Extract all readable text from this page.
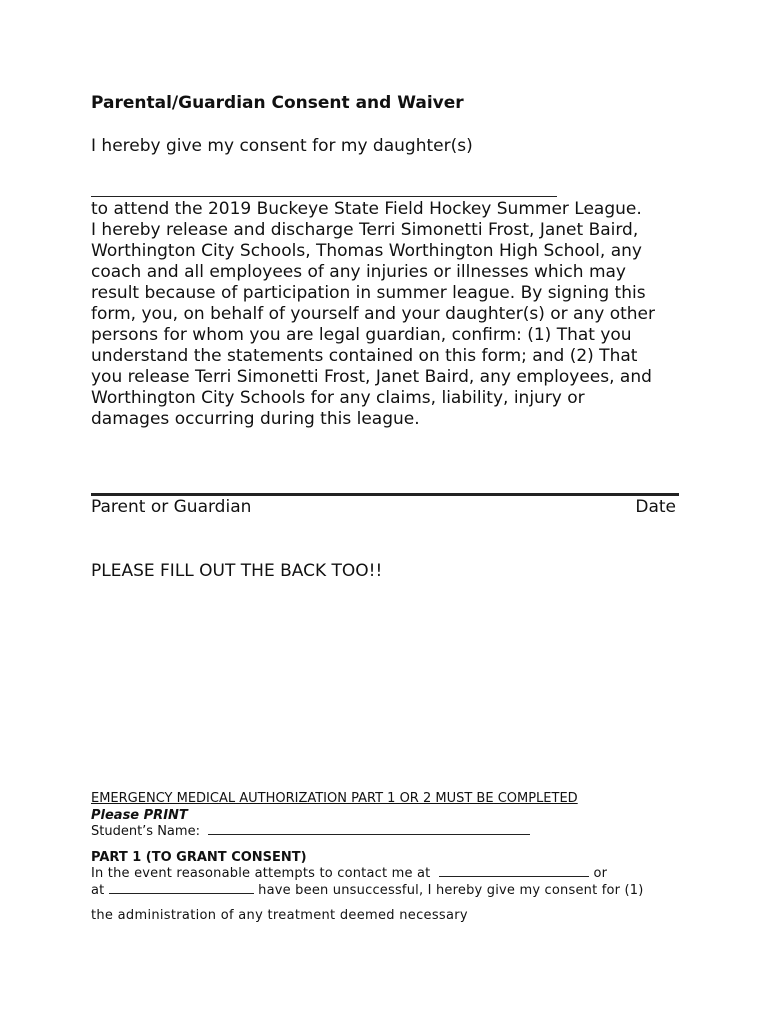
Parental/Guardian Consent and Waiver
I hereby give my consent for my daughter(s)
to attend the 2019 Buckeye State Field Hockey Summer League.
I hereby release and discharge Terri Simonetti Frost, Janet Baird,
Worthington City Schools, Thomas Worthington High School, any
coach and all employees of any injuries or illnesses which may
result because of participation in summer league. By signing this
form, you, on behalf of yourself and your daughter(s) or any other
persons for whom you are legal guardian, confirm: (1) That you
understand the statements contained on this form; and (2) That
you release Terri Simonetti Frost, Janet Baird, any employees, and
Worthington City Schools for any claims, liability, injury or
damages occurring during this league.
Parent or Guardian	Date
PLEASE FILL OUT THE BACK TOO!!
EMERGENCY MEDICAL AUTHORIZATION PART 1 OR 2 MUST BE COMPLETED
Please PRINT
Student’s Name:
PART 1 (TO GRANT CONSENT)
In the event reasonable attempts to contact me at	or
at	have been unsuccessful, I hereby give my consent for (1)
the administration of any treatment deemed necessary
